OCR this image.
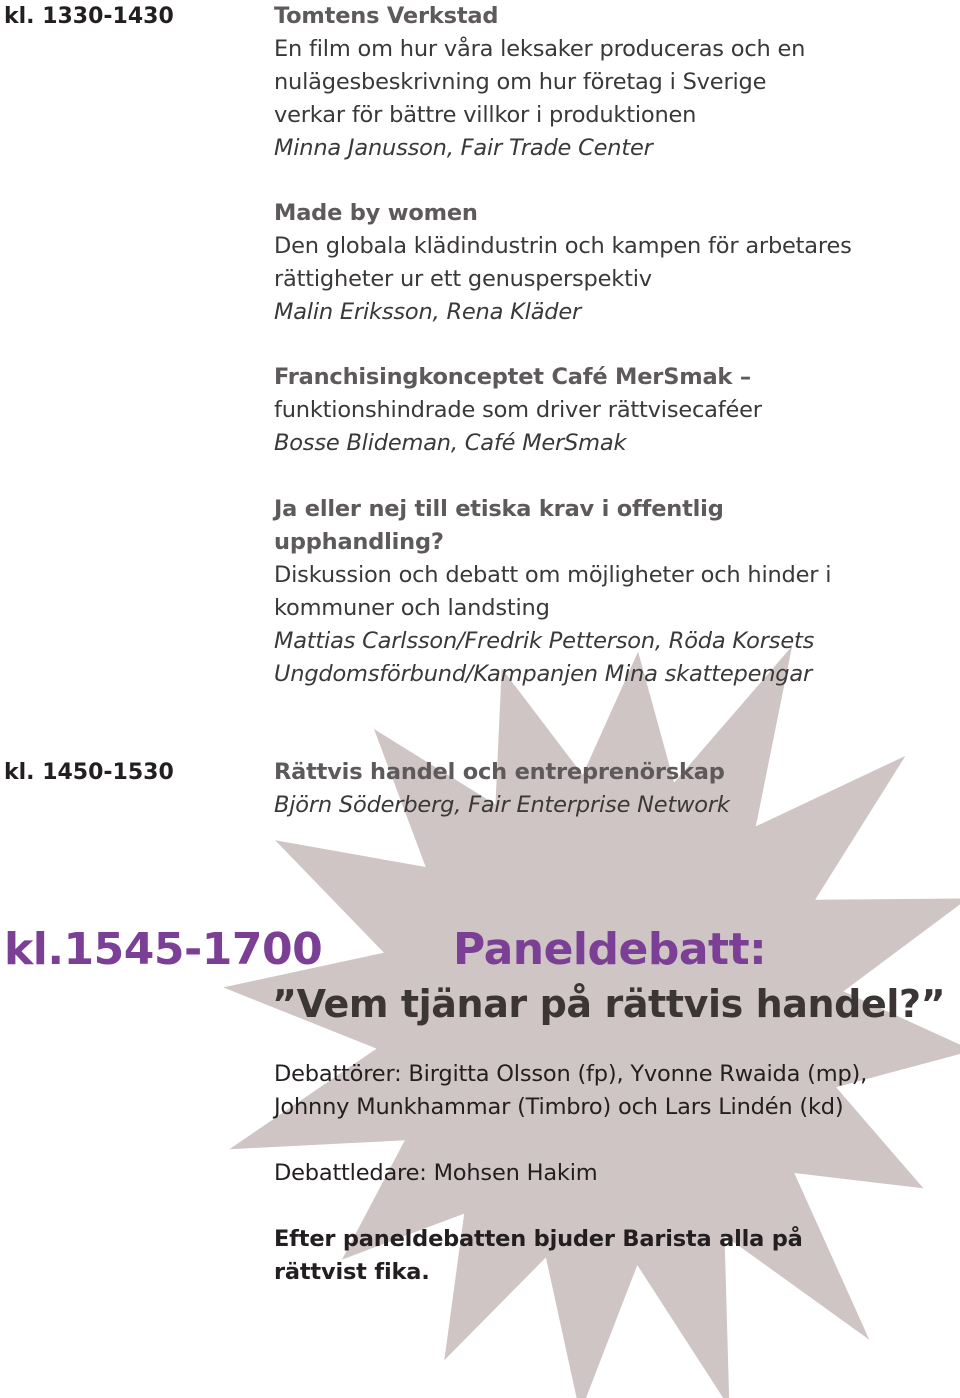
kl. 1330-1430	Tomtens Verkstad

En film om hur våra leksaker produceras och en

nulägesbeskrivning om hur företag i Sverige

verkar för bättre villkor i produktionen

Minna Janusson, Fair Trade Center

Made by women

Den globala klädindustrin och kampen för arbetares

rättigheter ur ett genusperspektiv

Malin Eriksson, Rena Kläder

Franchisingkonceptet Café MerSmak –

funktionshindrade som driver rättvisecaféer

Bosse Blideman, Café MerSmak

Ja eller nej till etiska krav i offentlig

upphandling?

Diskussion och debatt om möjligheter och hinder i

kommuner och landsting

Mattias Carlsson/Fredrik Petterson, Röda Korsets

Ungdomsförbund/Kampanjen Mina skattepengar

kl. 1450-1530	Rättvis handel och entreprenörskap

Björn Söderberg, Fair Enterprise Network

kl.1545-1700	Paneldebatt:
”Vem tjänar på rättvis handel?”

Debattörer: Birgitta Olsson (fp), Yvonne Rwaida (mp),

Johnny Munkhammar (Timbro) och Lars Lindén (kd)

Debattledare: Mohsen Hakim

Efter paneldebatten bjuder Barista alla på

rättvist fika.
